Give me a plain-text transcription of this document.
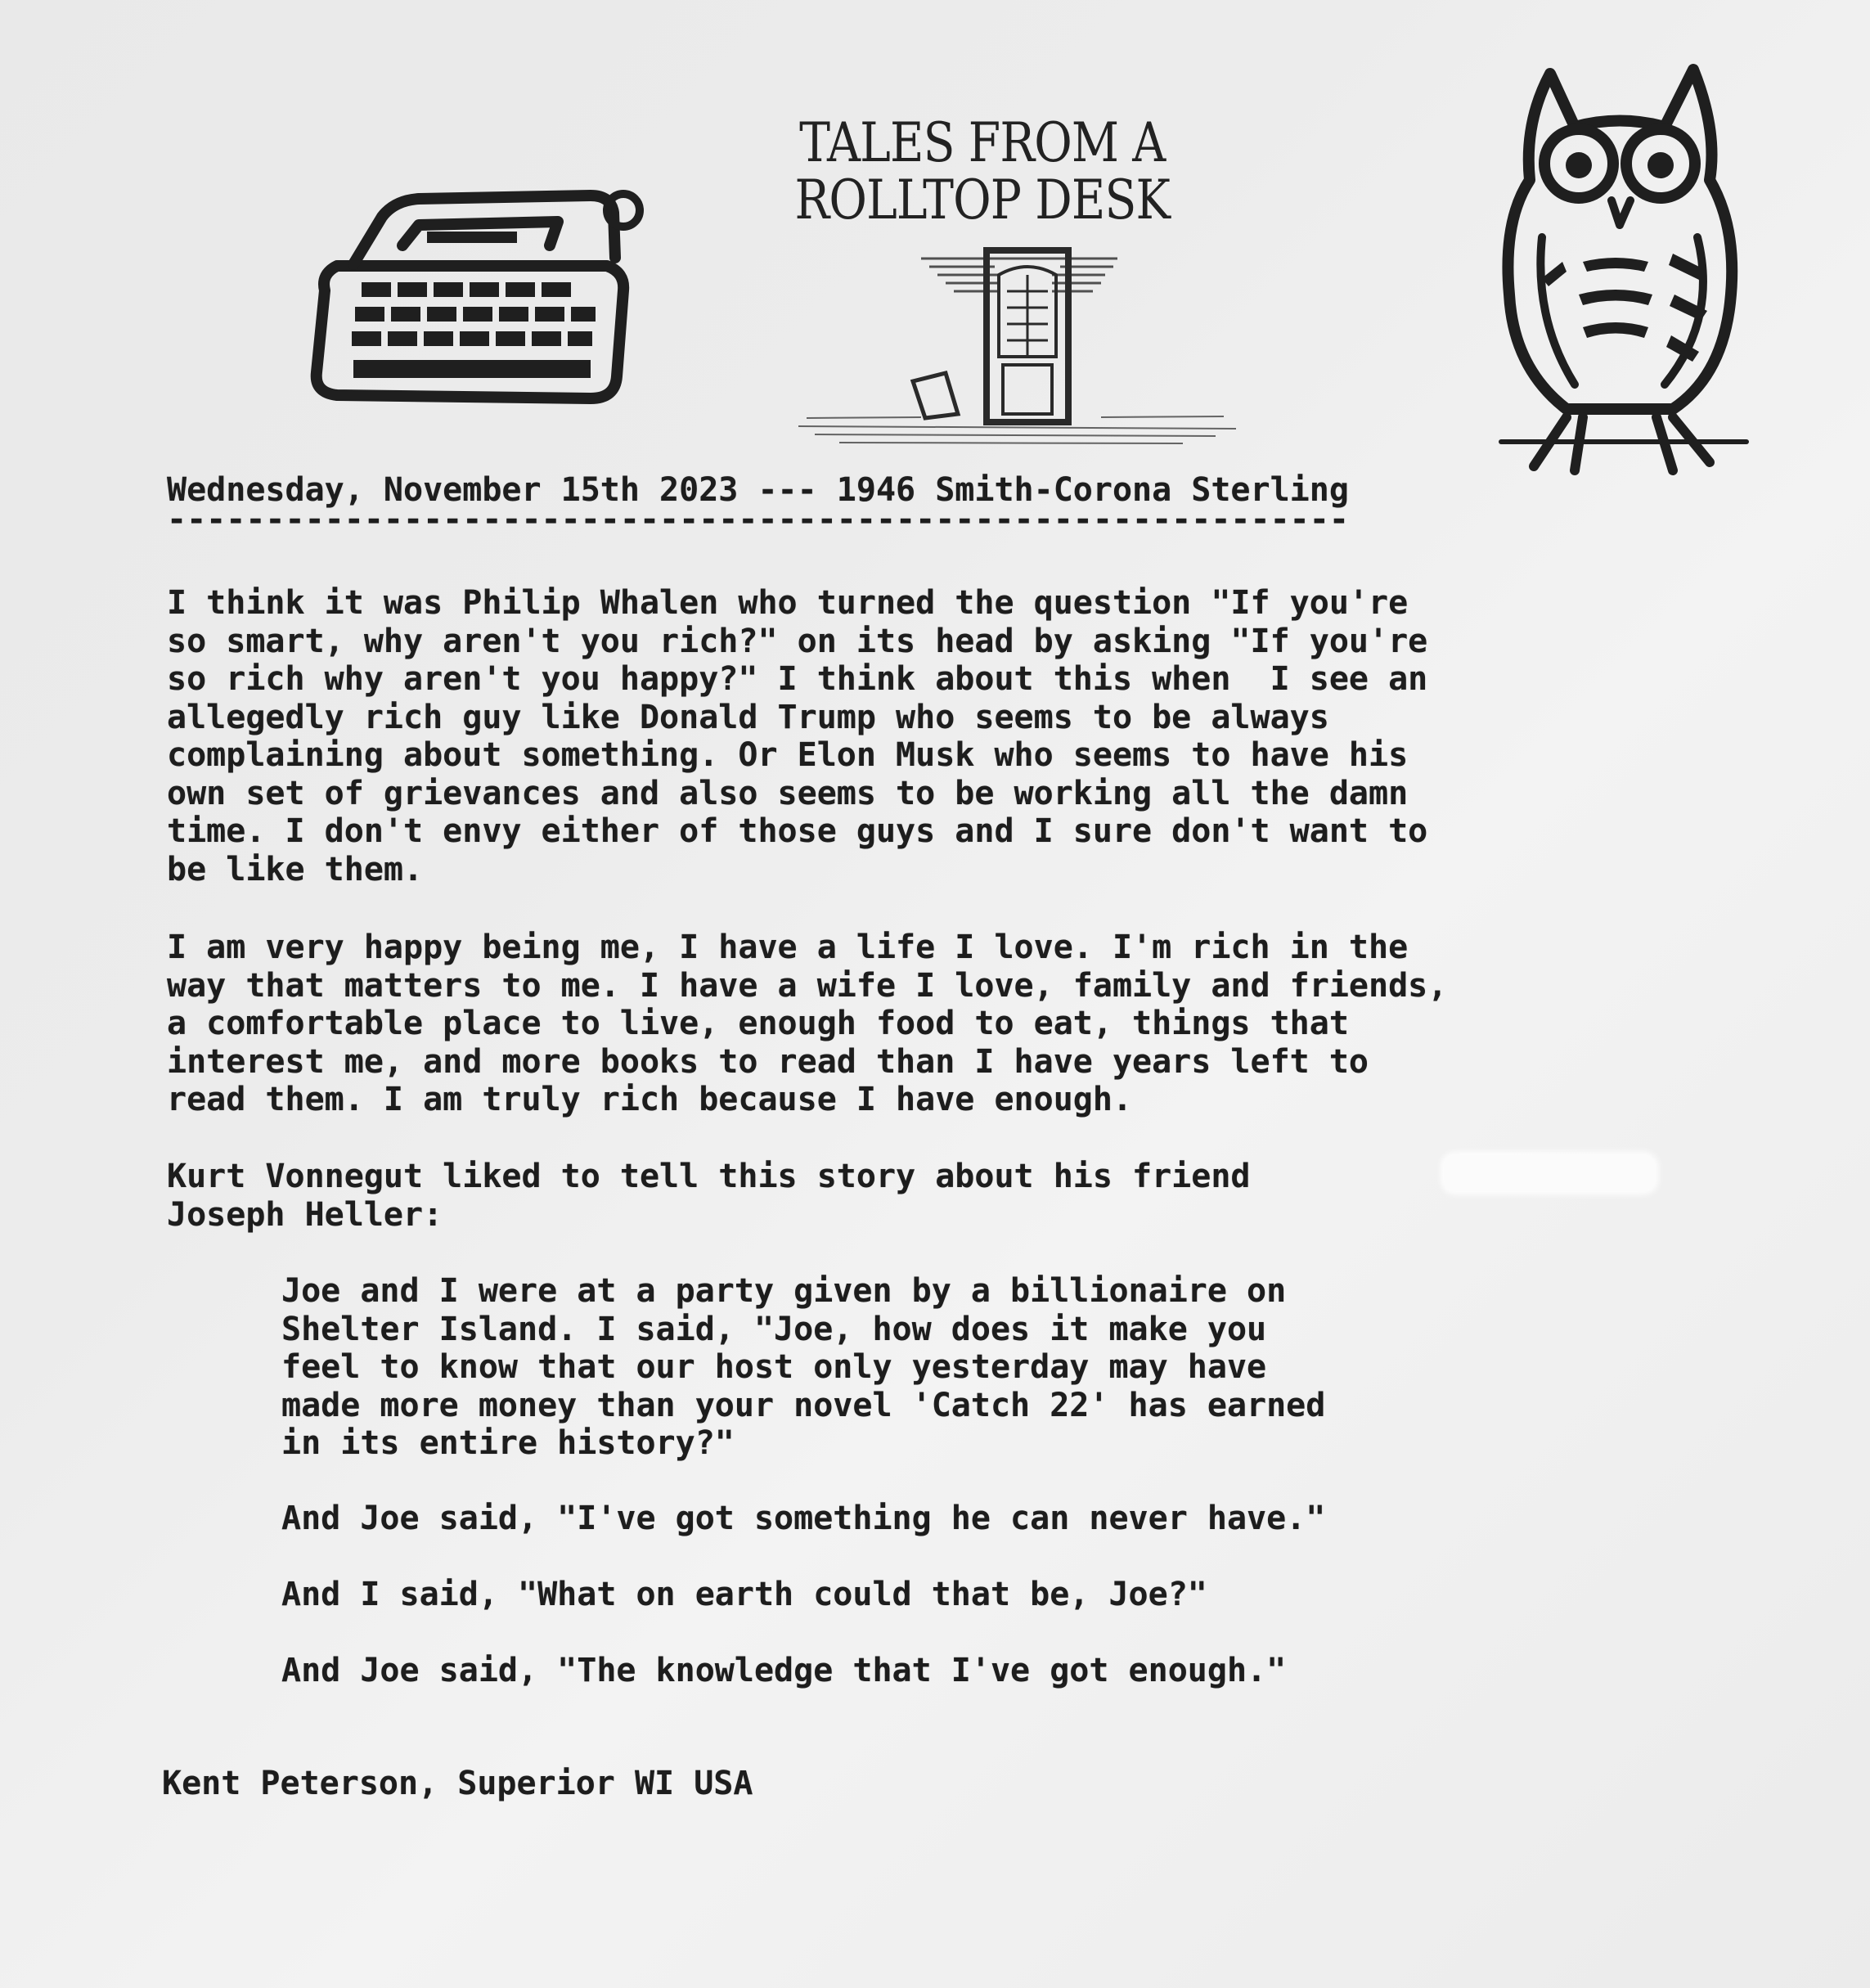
TALES FROM A
ROLLTOP DESK
Wednesday, November 15th 2023 --- 1946 Smith-Corona Sterling
------------------------------------------------------------
I think it was Philip Whalen who turned the question "If you're
so smart, why aren't you rich?" on its head by asking "If you're
so rich why aren't you happy?" I think about this when  I see an
allegedly rich guy like Donald Trump who seems to be always
complaining about something. Or Elon Musk who seems to have his
own set of grievances and also seems to be working all the damn
time. I don't envy either of those guys and I sure don't want to
be like them.
I am very happy being me, I have a life I love. I'm rich in the
way that matters to me. I have a wife I love, family and friends,
a comfortable place to live, enough food to eat, things that
interest me, and more books to read than I have years left to
read them. I am truly rich because I have enough.
Kurt Vonnegut liked to tell this story about his friend
Joseph Heller:
Joe and I were at a party given by a billionaire on
Shelter Island. I said, "Joe, how does it make you
feel to know that our host only yesterday may have
made more money than your novel 'Catch 22' has earned
in its entire history?"
And Joe said, "I've got something he can never have."
And I said, "What on earth could that be, Joe?"
And Joe said, "The knowledge that I've got enough."
Kent Peterson, Superior WI USA
